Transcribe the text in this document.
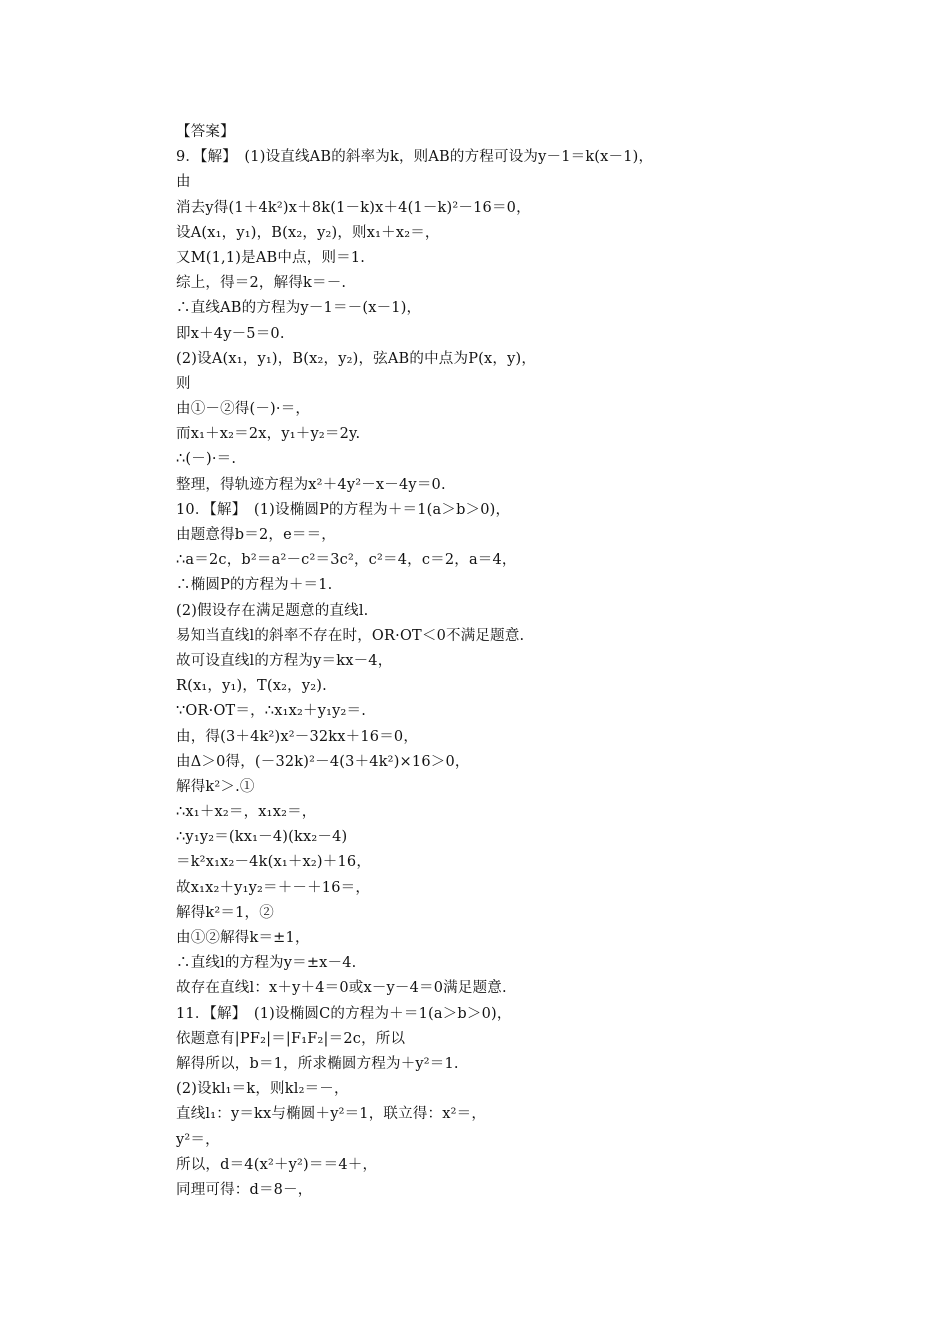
【答案】
9．【解】　(1)设直线AB的斜率为k，则AB的方程可设为y－1＝k(x－1)，
由
消去y得(1＋4k²)x＋8k(1－k)x＋4(1－k)²－16＝0，
设A(x₁，y₁)，B(x₂，y₂)，则x₁＋x₂＝，
又M(1,1)是AB中点，则＝1.
综上，得＝2，解得k＝－.
∴直线AB的方程为y－1＝－(x－1)，
即x＋4y－5＝0.
(2)设A(x₁，y₁)，B(x₂，y₂)，弦AB的中点为P(x，y)，
则
由①－②得(－)·＝，
而x₁＋x₂＝2x，y₁＋y₂＝2y.
∴(－)·＝.
整理，得轨迹方程为x²＋4y²－x－4y＝0.
10．【解】　(1)设椭圆P的方程为＋＝1(a＞b＞0)，
由题意得b＝2，e＝＝，
∴a＝2c，b²＝a²－c²＝3c²，c²＝4，c＝2，a＝4，
∴椭圆P的方程为＋＝1.
(2)假设存在满足题意的直线l.
易知当直线l的斜率不存在时，OR·OT＜0不满足题意.
故可设直线l的方程为y＝kx－4，
R(x₁，y₁)，T(x₂，y₂).
∵OR·OT＝，∴x₁x₂＋y₁y₂＝.
由，得(3＋4k²)x²－32kx＋16＝0，
由Δ＞0得，(－32k)²－4(3＋4k²)×16＞0，
解得k²＞.①
∴x₁＋x₂＝，x₁x₂＝，
∴y₁y₂＝(kx₁－4)(kx₂－4)
＝k²x₁x₂－4k(x₁＋x₂)＋16，
故x₁x₂＋y₁y₂＝＋－＋16＝，
解得k²＝1，②
由①②解得k＝±1，
∴直线l的方程为y＝±x－4.
故存在直线l：x＋y＋4＝0或x－y－4＝0满足题意.
11．【解】　(1)设椭圆C的方程为＋＝1(a＞b＞0)，
依题意有|PF₂|＝|F₁F₂|＝2c，所以
解得所以，b＝1，所求椭圆方程为＋y²＝1.
(2)设kl₁＝k，则kl₂＝－，
直线l₁：y＝kx与椭圆＋y²＝1，联立得：x²＝，
y²＝，
所以，d＝4(x²＋y²)＝＝4＋，
同理可得：d＝8－，
